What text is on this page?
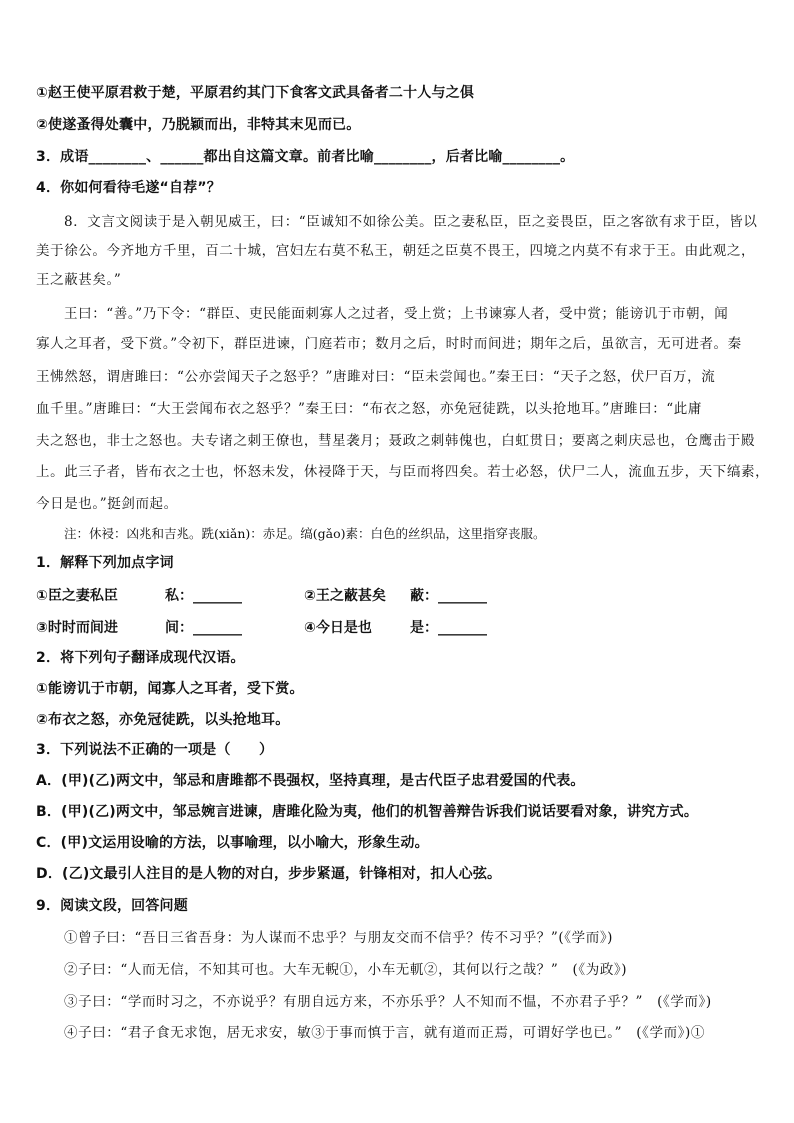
①赵王使平原君救于楚，平原君约其门下食客文武具备者二十人与之俱
②使遂蚤得处囊中，乃脱颖而出，非特其末见而已。
3．成语________、______都出自这篇文章。前者比喻________，后者比喻________。
4．你如何看待毛遂“自荐”？
8．文言文阅读于是入朝见威王，曰：“臣诚知不如徐公美。臣之妻私臣，臣之妾畏臣，臣之客欲有求于臣，皆以
美于徐公。今齐地方千里，百二十城，宫妇左右莫不私王，朝廷之臣莫不畏王，四境之内莫不有求于王。由此观之，
王之蔽甚矣。”
王曰：“善。”乃下令：“群臣、吏民能面刺寡人之过者，受上赏；上书谏寡人者，受中赏；能谤讥于市朝，闻
寡人之耳者，受下赏。”令初下，群臣进谏，门庭若市；数月之后，时时而间进；期年之后，虽欲言，无可进者。秦
王怫然怒，谓唐雎曰：“公亦尝闻天子之怒乎？”唐雎对曰：“臣未尝闻也。”秦王曰：“天子之怒，伏尸百万，流
血千里。”唐雎曰：“大王尝闻布衣之怒乎？”秦王曰：“布衣之怒，亦免冠徒跣，以头抢地耳。”唐雎曰：“此庸
夫之怒也，非士之怒也。夫专诸之刺王僚也，彗星袭月；聂政之刺韩傀也，白虹贯日；要离之刺庆忌也，仓鹰击于殿
上。此三子者，皆布衣之士也，怀怒未发，休祲降于天，与臣而将四矣。若士必怒，伏尸二人，流血五步，天下缟素，
今日是也。”挺剑而起。
注：休祲：凶兆和吉兆。跣(xiǎn)：赤足。缟(gǎo)素：白色的丝织品，这里指穿丧服。
1．解释下列加点字词
①臣之妻私臣	私：_______	②王之蔽甚矣 蔽：_______
③时时而间进	间：_______	④今日是也	是：_______
2．将下列句子翻译成现代汉语。
①能谤讥于市朝，闻寡人之耳者，受下赏。
②布衣之怒，亦免冠徒跣，以头抢地耳。
3．下列说法不正确的一项是（　　）
A．(甲)(乙)两文中，邹忌和唐雎都不畏强权，坚持真理，是古代臣子忠君爱国的代表。
B．(甲)(乙)两文中，邹忌婉言进谏，唐雎化险为夷，他们的机智善辩告诉我们说话要看对象，讲究方式。
C．(甲)文运用设喻的方法，以事喻理，以小喻大，形象生动。
D．(乙)文最引人注目的是人物的对白，步步紧逼，针锋相对，扣人心弦。
9．阅读文段，回答问题
①曾子曰：“吾日三省吾身：为人谋而不忠乎？与朋友交而不信乎？传不习乎？”(《学而》)
②子曰：“人而无信，不知其可也。大车无輗①，小车无軏②，其何以行之哉？”　(《为政》)
③子曰：“学而时习之，不亦说乎？有朋自远方来，不亦乐乎？人不知而不愠，不亦君子乎？”　(《学而》)
④子曰：“君子食无求饱，居无求安，敏③于事而慎于言，就有道而正焉，可谓好学也已。”　(《学而》)①
